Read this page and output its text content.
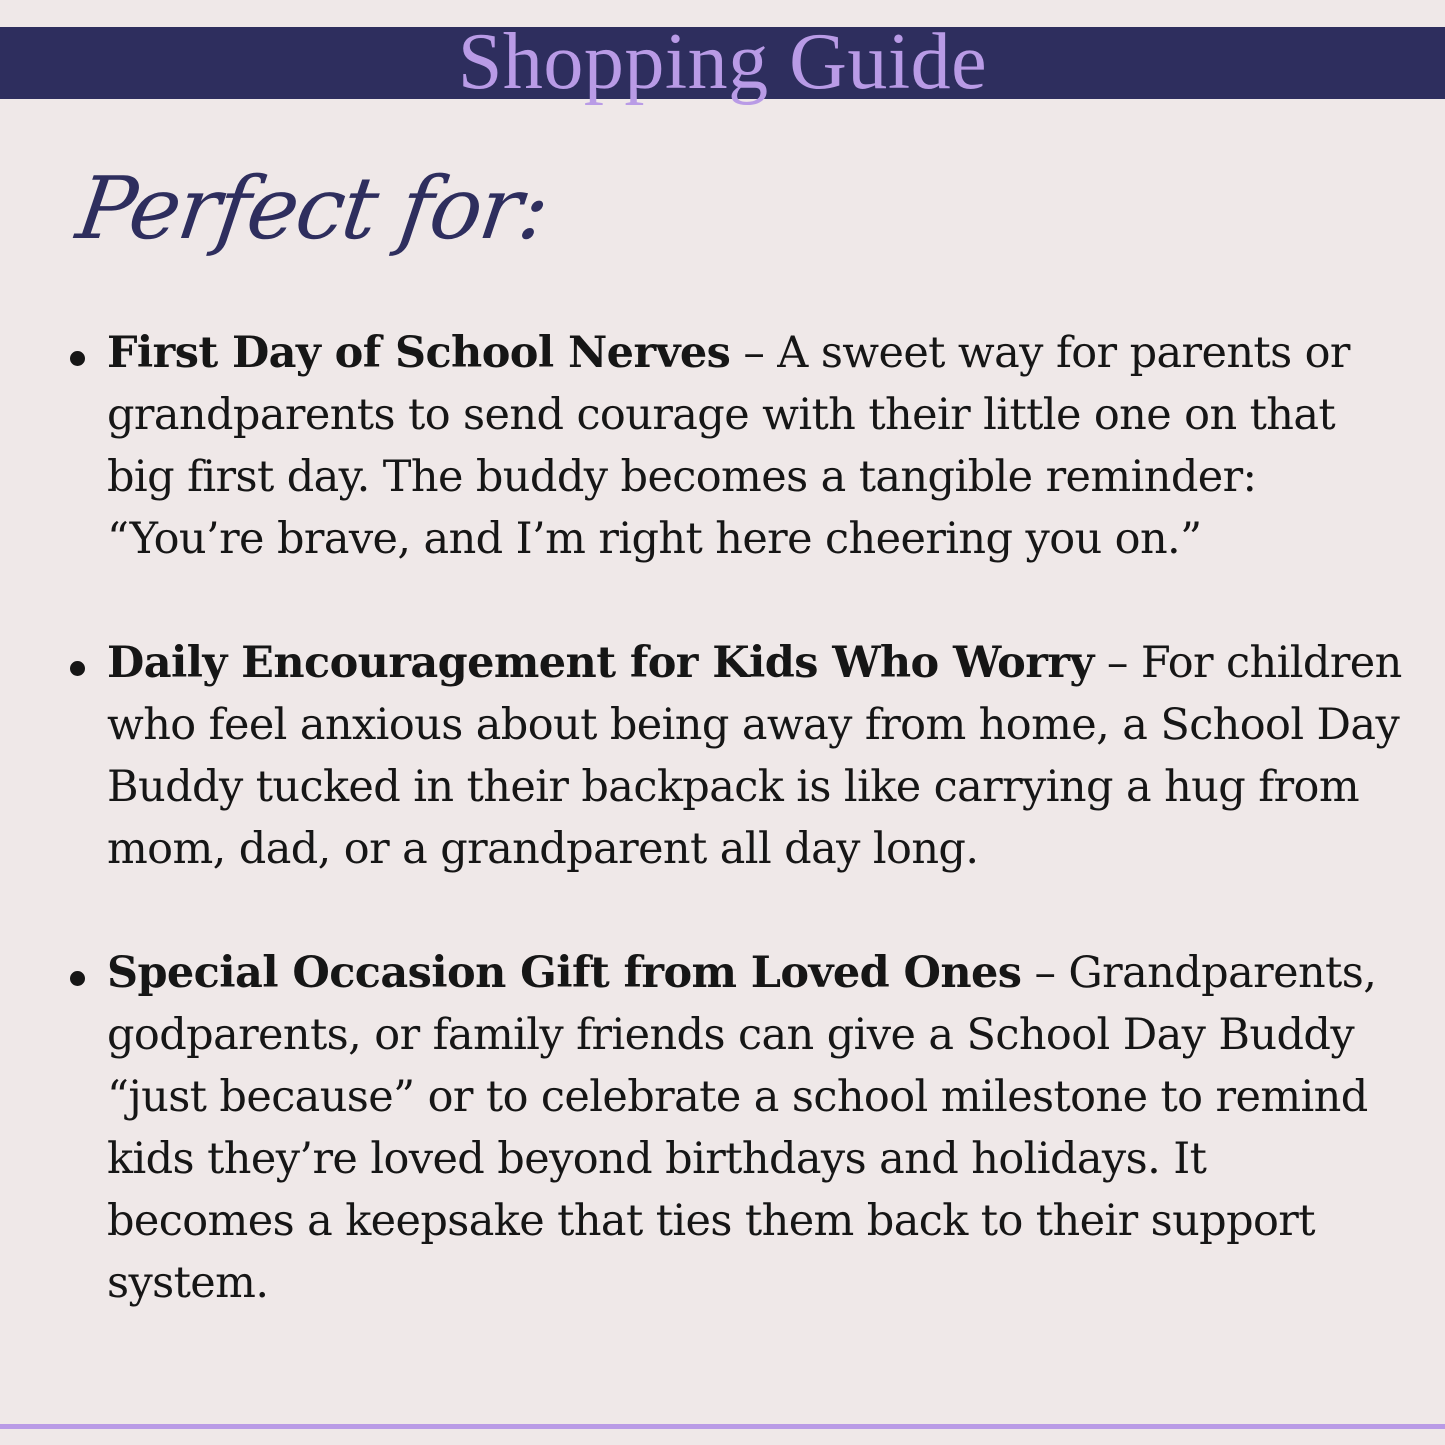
Shopping Guide
Perfect for:
First Day of School Nerves – A sweet way for parents or grandparents to send courage with their little one on that big first day. The buddy becomes a tangible reminder: “You’re brave, and I’m right here cheering you on.”
Daily Encouragement for Kids Who Worry – For children who feel anxious about being away from home, a School Day Buddy tucked in their backpack is like carrying a hug from mom, dad, or a grandparent all day long.
Special Occasion Gift from Loved Ones – Grandparents, godparents, or family friends can give a School Day Buddy “just because” or to celebrate a school milestone to remind kids they’re loved beyond birthdays and holidays. It becomes a keepsake that ties them back to their support system.
